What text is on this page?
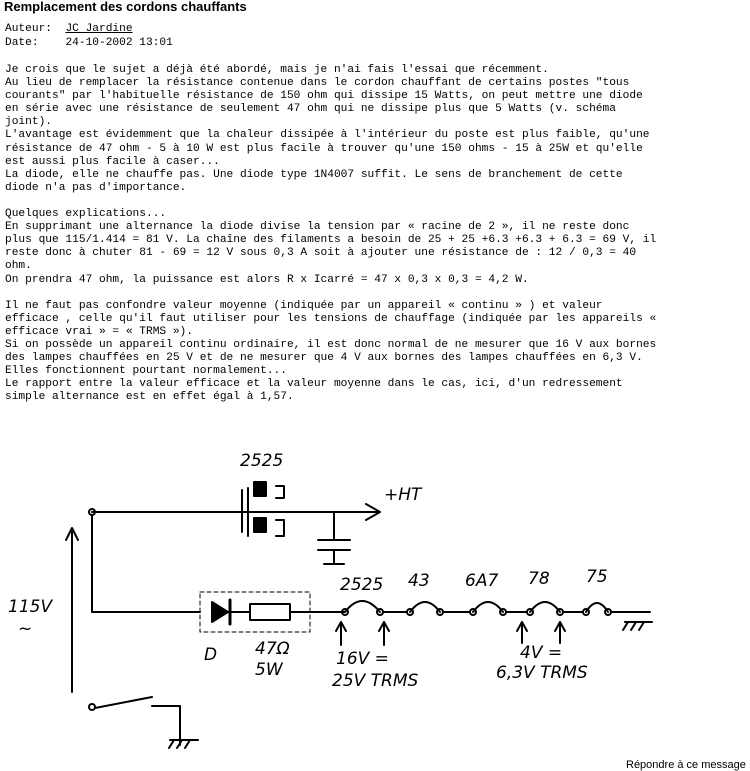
Remplacement des cordons chauffants
Auteur: JC Jardine
Date: 24-10-2002 13:01
Je crois que le sujet a déjà été abordé, mais je n'ai fais l'essai que récemment.
Au lieu de remplacer la résistance contenue dans le cordon chauffant de certains postes "tous
courants" par l'habituelle résistance de 150 ohm qui dissipe 15 Watts, on peut mettre une diode
en série avec une résistance de seulement 47 ohm qui ne dissipe plus que 5 Watts (v. schéma
joint).
L'avantage est évidemment que la chaleur dissipée à l'intérieur du poste est plus faible, qu'une
résistance de 47 ohm - 5 à 10 W est plus facile à trouver qu'une 150 ohms - 15 à 25W et qu'elle
est aussi plus facile à caser...
La diode, elle ne chauffe pas. Une diode type 1N4007 suffit. Le sens de branchement de cette
diode n'a pas d'importance.
Quelques explications...
En supprimant une alternance la diode divise la tension par « racine de 2 », il ne reste donc
plus que 115/1.414 = 81 V. La chaîne des filaments a besoin de 25 + 25 +6.3 +6.3 + 6.3 = 69 V, il
reste donc à chuter 81 - 69 = 12 V sous 0,3 A soit à ajouter une résistance de : 12 / 0,3 = 40
ohm.
On prendra 47 ohm, la puissance est alors R x Icarré = 47 x 0,3 x 0,3 = 4,2 W.
Il ne faut pas confondre valeur moyenne (indiquée par un appareil « continu » ) et valeur
efficace , celle qu'il faut utiliser pour les tensions de chauffage (indiquée par les appareils «
efficace vrai » = « TRMS »).
Si on possède un appareil continu ordinaire, il est donc normal de ne mesurer que 16 V aux bornes
des lampes chauffées en 25 V et de ne mesurer que 4 V aux bornes des lampes chauffées en 6,3 V.
Elles fonctionnent pourtant normalement...
Le rapport entre la valeur efficace et la valeur moyenne dans le cas, ici, d'un redressement
simple alternance est en effet égal à 1,57.
2525
+HT
115V
~
D 47Ω
5W
2525 43 6A7 78 75
16V =
25V TRMS
4V =
6,3V TRMS
Répondre à ce message
